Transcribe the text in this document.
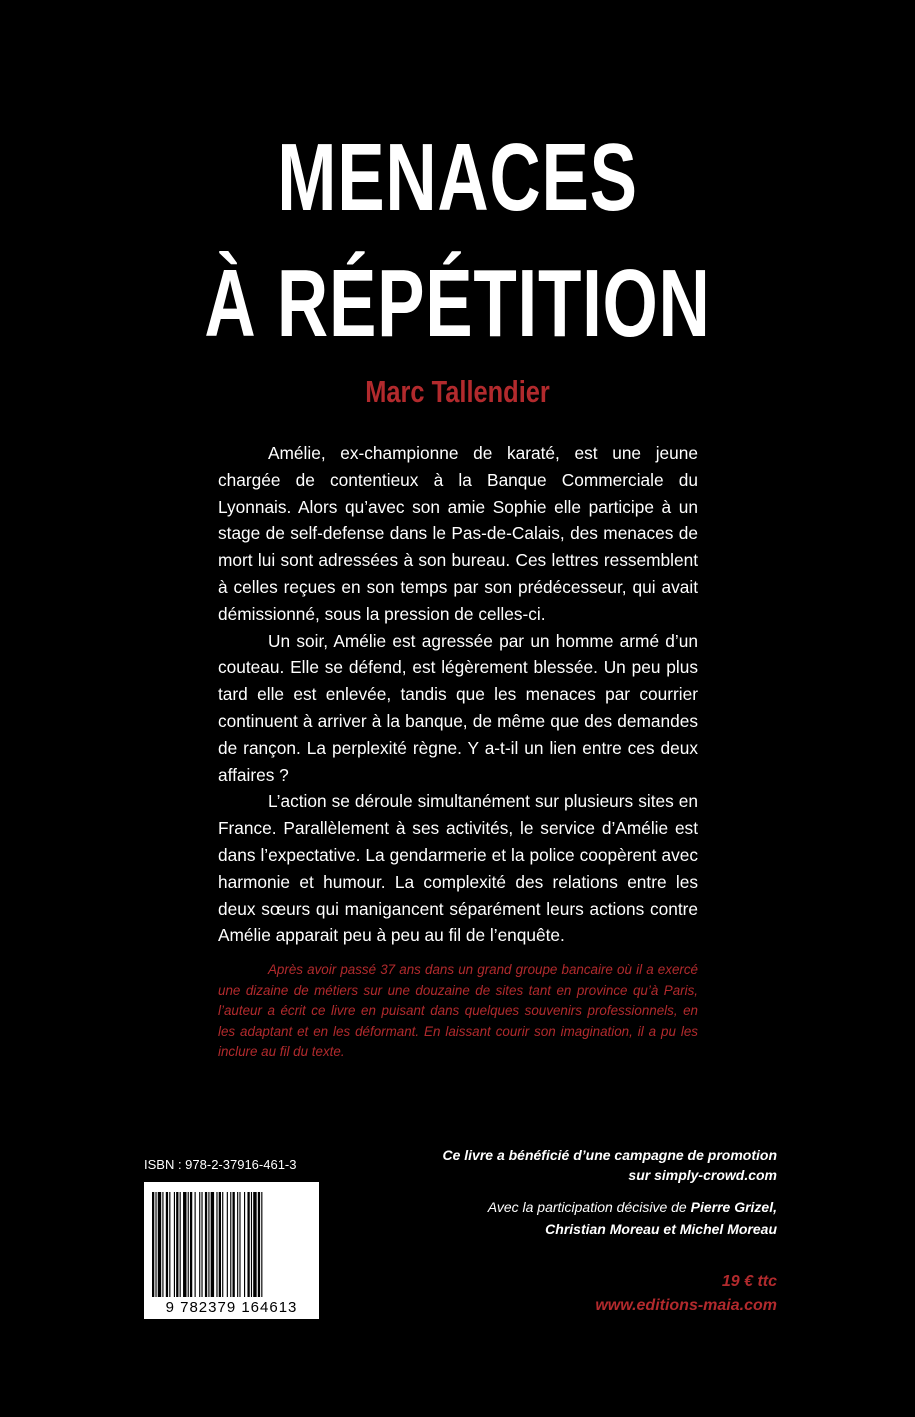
MENACES
À RÉPÉTITION
Marc Tallendier

Amélie, ex-championne de karaté, est une jeune chargée de contentieux à la Banque Commerciale du Lyonnais. Alors qu’avec son amie Sophie elle participe à un stage de self-defense dans le Pas-de-Calais, des menaces de mort lui sont adressées à son bureau. Ces lettres ressemblent à celles reçues en son temps par son prédécesseur, qui avait démissionné, sous la pression de celles-ci.

Un soir, Amélie est agressée par un homme armé d’un couteau. Elle se défend, est légèrement blessée. Un peu plus tard elle est enlevée, tandis que les menaces par courrier continuent à arriver à la banque, de même que des demandes de rançon. La perplexité règne. Y a-t-il un lien entre ces deux affaires ?

L’action se déroule simultanément sur plusieurs sites en France. Parallèlement à ses activités, le service d’Amélie est dans l’expectative. La gendarmerie et la police coopèrent avec harmonie et humour. La complexité des relations entre les deux sœurs qui manigancent séparément leurs actions contre Amélie apparait peu à peu au fil de l’enquête.

Après avoir passé 37 ans dans un grand groupe bancaire où il a exercé une dizaine de métiers sur une douzaine de sites tant en province qu’à Paris, l’auteur a écrit ce livre en puisant dans quelques souvenirs professionnels, en les adaptant et en les déformant. En laissant courir son imagination, il a pu les inclure au fil du texte.

ISBN : 978-2-37916-461-3
9 782379 164613
Ce livre a bénéficié d’une campagne de promotion
sur simply-crowd.com
Avec la participation décisive de Pierre Grizel,
Christian Moreau et Michel Moreau
19 € ttc
www.editions-maia.com
